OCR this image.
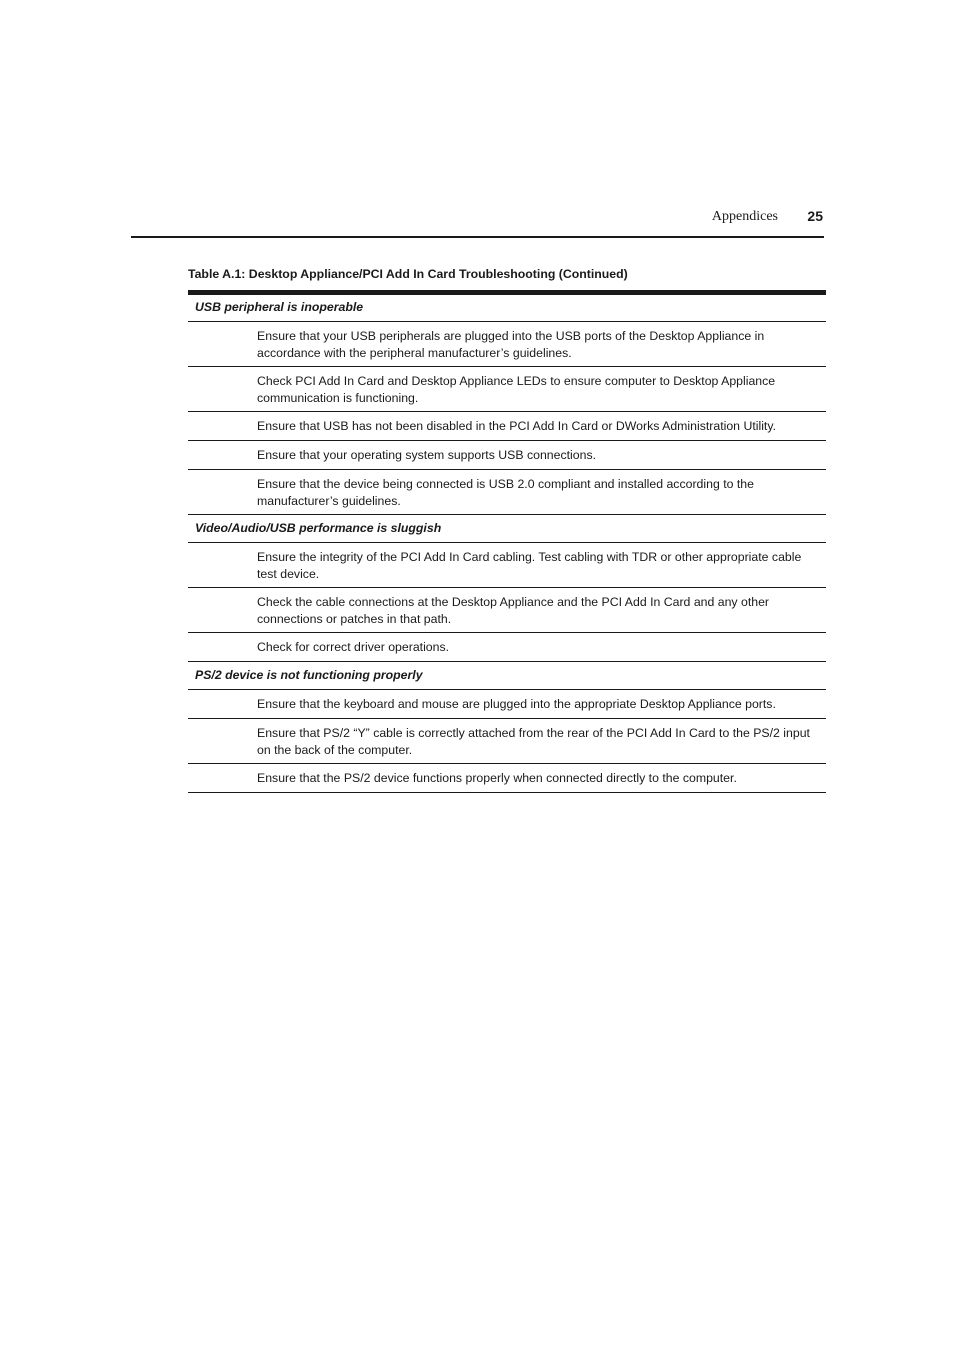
Appendices 25
Table A.1: Desktop Appliance/PCI Add In Card Troubleshooting (Continued)
USB peripheral is inoperable
Ensure that your USB peripherals are plugged into the USB ports of the Desktop Appliance in accordance with the peripheral manufacturer’s guidelines.
Check PCI Add In Card and Desktop Appliance LEDs to ensure computer to Desktop Appliance communication is functioning.
Ensure that USB has not been disabled in the PCI Add In Card or DWorks Administration Utility.
Ensure that your operating system supports USB connections.
Ensure that the device being connected is USB 2.0 compliant and installed according to the manufacturer’s guidelines.
Video/Audio/USB performance is sluggish
Ensure the integrity of the PCI Add In Card cabling. Test cabling with TDR or other appropriate cable test device.
Check the cable connections at the Desktop Appliance and the PCI Add In Card and any other connections or patches in that path.
Check for correct driver operations.
PS/2 device is not functioning properly
Ensure that the keyboard and mouse are plugged into the appropriate Desktop Appliance ports.
Ensure that PS/2 “Y” cable is correctly attached from the rear of the PCI Add In Card to the PS/2 input on the back of the computer.
Ensure that the PS/2 device functions properly when connected directly to the computer.
